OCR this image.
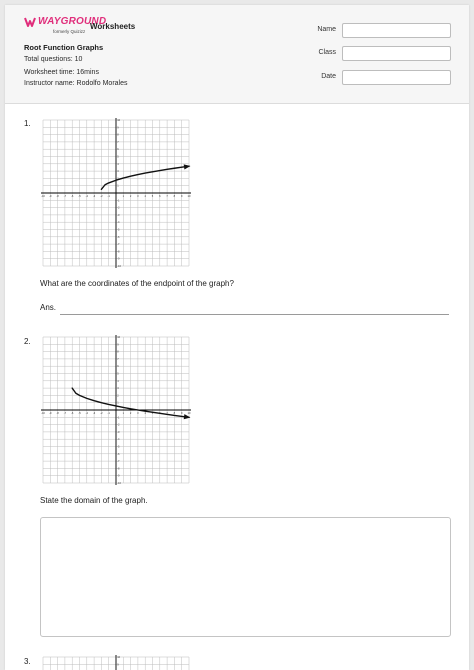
WAYGROUND
formerly Quizizz
Worksheets
Root Function Graphs
Total questions: 10
Worksheet time: 16mins
Instructor name: Rodolfo Morales
Name
Class
Date
1.
-10 -9 -8 -7 -6 -5 -4 -3 -2 -1	1 2 3 4 5 6 7 8 9 10
10
9
8
7
6
5
4
3
2
1
-1
-2
-3
-4
-5
-6
-7
-8
-9
-10
What are the coordinates of the endpoint of the graph?
Ans.
2.
-10 -9 -8 -7 -6 -5 -4 -3 -2 -1	1 2 3 4 5 6 7 8 9 10
10
9
8
7
6
5
4
3
2
1
-1
-2
-3
-4
-5
-6
-7
-8
-9
-10
State the domain of the graph.
3.	10
9
